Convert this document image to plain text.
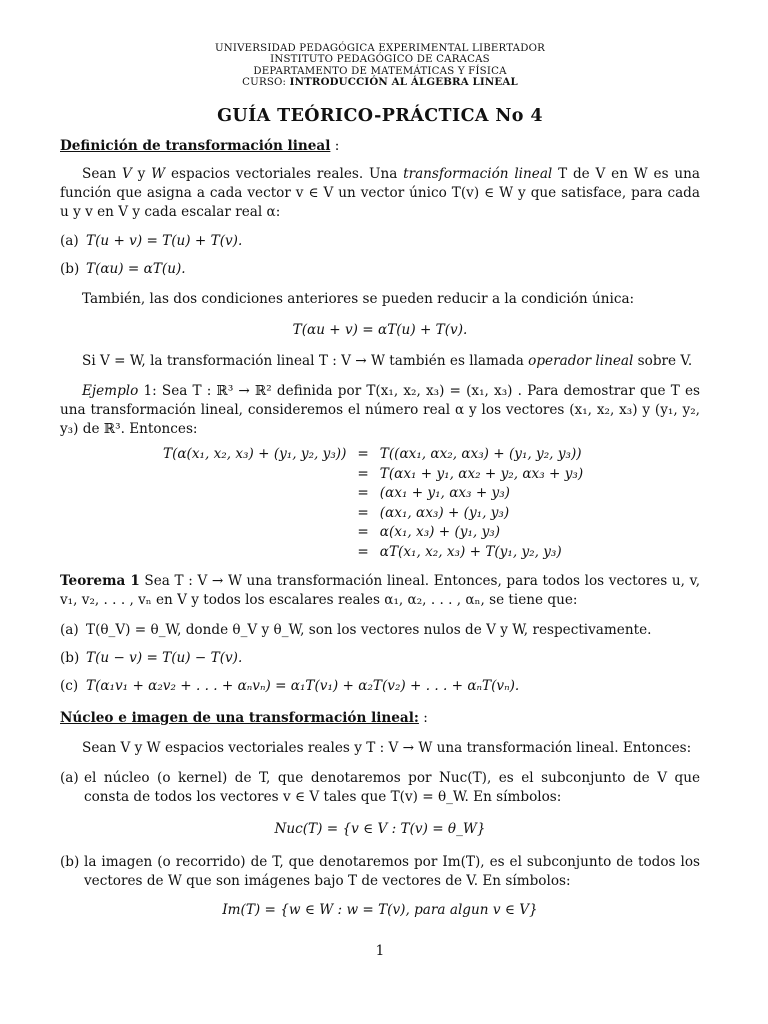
UNIVERSIDAD PEDAGÓGICA EXPERIMENTAL LIBERTADOR
INSTITUTO PEDAGÓGICO DE CARACAS
DEPARTAMENTO DE MATEMÁTICAS Y FÍSICA
CURSO: INTRODUCCIÓN AL ÁLGEBRA LINEAL
GUÍA TEÓRICO-PRÁCTICA No 4
Definición de transformación lineal :

Sean V y W espacios vectoriales reales. Una transformación lineal T de V en W es una función que asigna a cada vector v ∈ V un vector único T(v) ∈ W y que satisface, para cada u y v en V y cada escalar real α:

(a) T(u + v) = T(u) + T(v).
(b) T(αu) = αT(u).

También, las dos condiciones anteriores se pueden reducir a la condición única:

T(αu + v) = αT(u) + T(v).

Si V = W, la transformación lineal T : V → W también es llamada operador lineal sobre V.

Ejemplo 1: Sea T : ℝ³ → ℝ² definida por T(x₁, x₂, x₃) = (x₁, x₃) . Para demostrar que T es una transformación lineal, consideremos el número real α y los vectores (x₁, x₂, x₃) y (y₁, y₂, y₃) de ℝ³. Entonces:

T(α(x₁, x₂, x₃) + (y₁, y₂, y₃))	=	T((αx₁, αx₂, αx₃) + (y₁, y₂, y₃))
	=	T(αx₁ + y₁, αx₂ + y₂, αx₃ + y₃)
	=	(αx₁ + y₁, αx₃ + y₃)
	=	(αx₁, αx₃) + (y₁, y₃)
	=	α(x₁, x₃) + (y₁, y₃)
	=	αT(x₁, x₂, x₃) + T(y₁, y₂, y₃)

Teorema 1 Sea T : V → W una transformación lineal. Entonces, para todos los vectores u, v, v₁, v₂, . . . , vₙ en V y todos los escalares reales α₁, α₂, . . . , αₙ, se tiene que:

(a) T(θ_V) = θ_W, donde θ_V y θ_W, son los vectores nulos de V y W, respectivamente.
(b) T(u − v) = T(u) − T(v).
(c) T(α₁v₁ + α₂v₂ + . . . + αₙvₙ) = α₁T(v₁) + α₂T(v₂) + . . . + αₙT(vₙ).
Núcleo e imagen de una transformación lineal: :

Sean V y W espacios vectoriales reales y T : V → W una transformación lineal. Entonces:

(a) el núcleo (o kernel) de T, que denotaremos por Nuc(T), es el subconjunto de V que consta de todos los vectores v ∈ V tales que T(v) = θ_W. En símbolos:
Nuc(T) = {v ∈ V : T(v) = θ_W}
(b) la imagen (o recorrido) de T, que denotaremos por Im(T), es el subconjunto de todos los vectores de W que son imágenes bajo T de vectores de V. En símbolos:
Im(T) = {w ∈ W : w = T(v), para algun v ∈ V}
1
